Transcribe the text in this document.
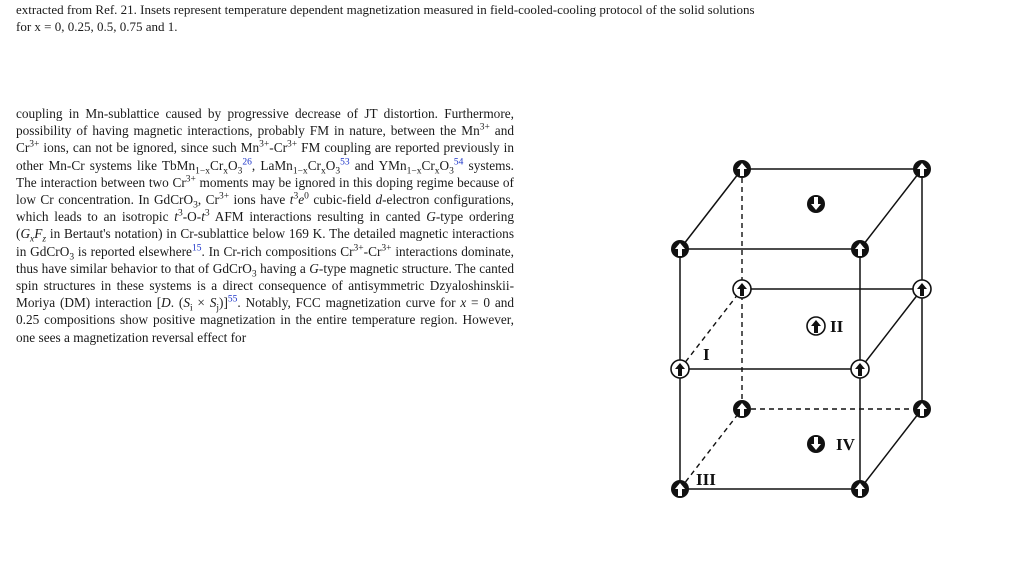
extracted from Ref. 21. Insets represent temperature dependent magnetization measured in field-cooled-cooling protocol of the solid solutions
for x = 0, 0.25, 0.5, 0.75 and 1.

coupling in Mn-sublattice caused by progressive decrease of JT distortion. Furthermore, possibility of having magnetic interactions, probably FM in nature, between the $Mn^{3+}$ and $Cr^{3+}$ ions, can not be ignored, since such $Mn^{3+}-Cr^{3+}$ FM coupling are reported previously in other Mn-Cr systems like $TbMn_{1-x}Cr_xO_3^{26}$, $LaMn_{1-x}Cr_xO_3^{53}$ and $YMn_{1-x}Cr_xO_3^{54}$ systems. The interaction between two $Cr^{3+}$ moments may be ignored in this doping regime because of low Cr concentration. In GdCrO$_3$, $Cr^{3+}$ ions have $t^3e^0$ cubic-field d-electron configurations, which leads to an isotropic $t^3-O-t^3$ AFM interactions resulting in canted G-type ordering ($G_xF_z$ in Bertaut's notation) in Cr-sublattice below 169 K. The detailed magnetic interactions in GdCrO$_3$ is reported elsewhere$^{15}$. In Cr-rich compositions $Cr^{3+}-Cr^{3+}$ interactions dominate, thus have similar behavior to that of GdCrO$_3$ having a G-type magnetic structure. The canted spin structures in these systems is a direct consequence of antisymmetric Dzyaloshinskii-Moriya (DM) interaction [D. $(S_i \times S_j)]^{55}$. Notably, FCC magnetization curve for x = 0 and 0.25 compositions show positive magnetization in the entire temperature region. However, one sees a magnetization reversal effect for

I
II
III
IV
